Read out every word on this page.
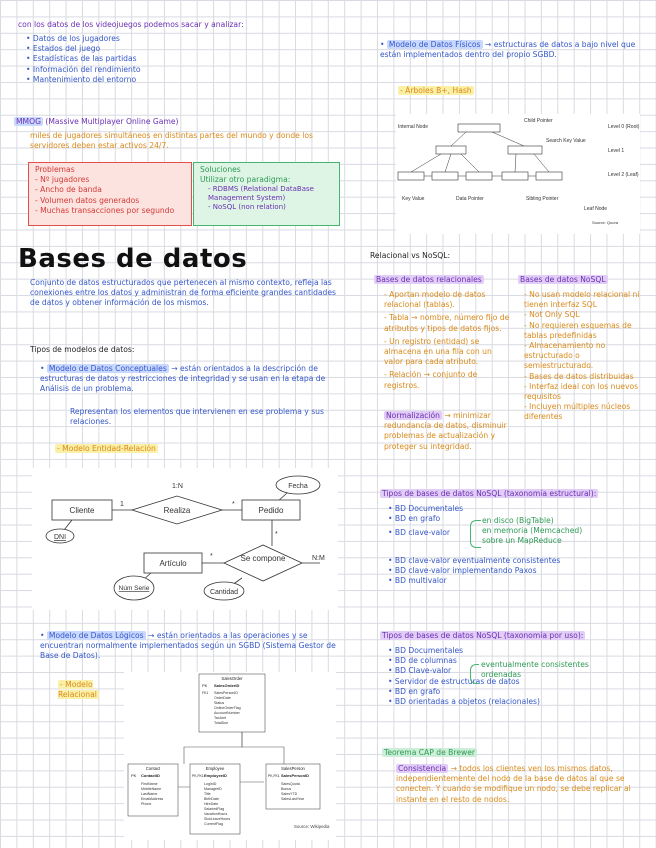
con los datos de los videojuegos podemos sacar y analizar:
• Datos de los jugadores
• Estados del juego
• Estadísticas de las partidas
• Información del rendimiento
• Mantenimiento del entorno
MMOG (Massive Multiplayer Online Game)
miles de jugadores simultáneos en distintas partes del mundo y donde los servidores deben estar activos 24/7.
Problemas
- Nº jugadores
- Ancho de banda
- Volumen datos generados
- Muchas transacciones por segundo
Soluciones
Utilizar otro paradigma:
- RDBMS (Relational DataBase Management System)
- NoSQL (non relation)
Bases de datos
Conjunto de datos estructurados que pertenecen al mismo contexto, refleja las conexiones entre los datos y administran de forma eficiente grandes cantidades de datos y obtener información de los mismos.
Tipos de modelos de datos:
• Modelo de Datos Conceptuales → están orientados a la descripción de estructuras de datos y restricciones de integridad y se usan en la etapa de Análisis de un problema.
Representan los elementos que intervienen en ese problema y sus relaciones.
- Modelo Entidad-Relación
Cliente	Pedido
Artículo
Realiza
Se compone
DNI
Fecha
Núm Serie
Cantidad
1
1:N
*
*
*	N:M
• Modelo de Datos Lógicos → están orientados a las operaciones y se encuentran normalmente implementados según un SGBD (Sistema Gestor de Base de Datos).
- Modelo Relacional
SalesOrder
PK SalesOrderID
FK1 SalesPersonID
OrderDate
Status
OnlineOrderFlag
AccountNumber
TaxAmt
TotalDue
Contact
PK ContactID
FirstName
MiddleName
LastName
EmailAddress
Phone
Employee
PK,FK1 EmployeeID
LoginID
ManagerID
Title
BirthDate
HireDate
SalariedFlag
VacationHours
SickLeaveHours
CurrentFlag
SalesPerson
PK,FK1 SalesPersonID
SalesQuota
Bonus
SalesYTD
SalesLastYear
Source: Wikipedia
• Modelo de Datos Físicos → estructuras de datos a bajo nivel que están implementados dentro del propio SGBD.
- Árboles B+, Hash
Internal Node
Child Pointer
Search Key Value
Level 0 (Root)
Level 1
Level 2 (Leaf)
Key Value	Data Pointer	Sibling Pointer
Leaf Node
Source: Quora
Relacional vs NoSQL:
Bases de datos relacionales
- Aportan modelo de datos relacional (tablas).
- Tabla → nombre, número fijo de atributos y tipos de datos fijos.
- Un registro (entidad) se almacena en una fila con un valor para cada atributo.
- Relación → conjunto de registros.
Normalización → minimizar redundancia de datos, disminuir problemas de actualización y proteger su integridad.
Bases de datos NoSQL
- No usan modelo relacional ni tienen interfaz SQL
- Not Only SQL
- No requieren esquemas de tablas predefinidas
- Almacenamiento no estructurado o semiestructurado.
- Bases de datos distribuidas
- Interfaz ideal con los nuevos requisitos
- Incluyen múltiples núcleos diferentes
Tipos de bases de datos NoSQL (taxonomía estructural):
• BD Documentales
• BD en grafo
• BD clave-valor
en disco (BigTable)
en memoria (Memcached)
sobre un MapReduce
• BD clave-valor eventualmente consistentes
• BD clave-valor implementando Paxos
• BD multivalor
Tipos de bases de datos NoSQL (taxonomía por uso):
• BD Documentales
• BD de columnas
• BD Clave-valor
• Servidor de estructuras de datos
• BD en grafo
• BD orientadas a objetos (relacionales)
eventualmente consistentes
ordenadas
Teorema CAP de Brewer
Consistencia → todos los clientes ven los mismos datos, independientemente del nodo de la base de datos al que se conecten. Y cuando se modifique un nodo, se debe replicar al instante en el resto de nodos.
